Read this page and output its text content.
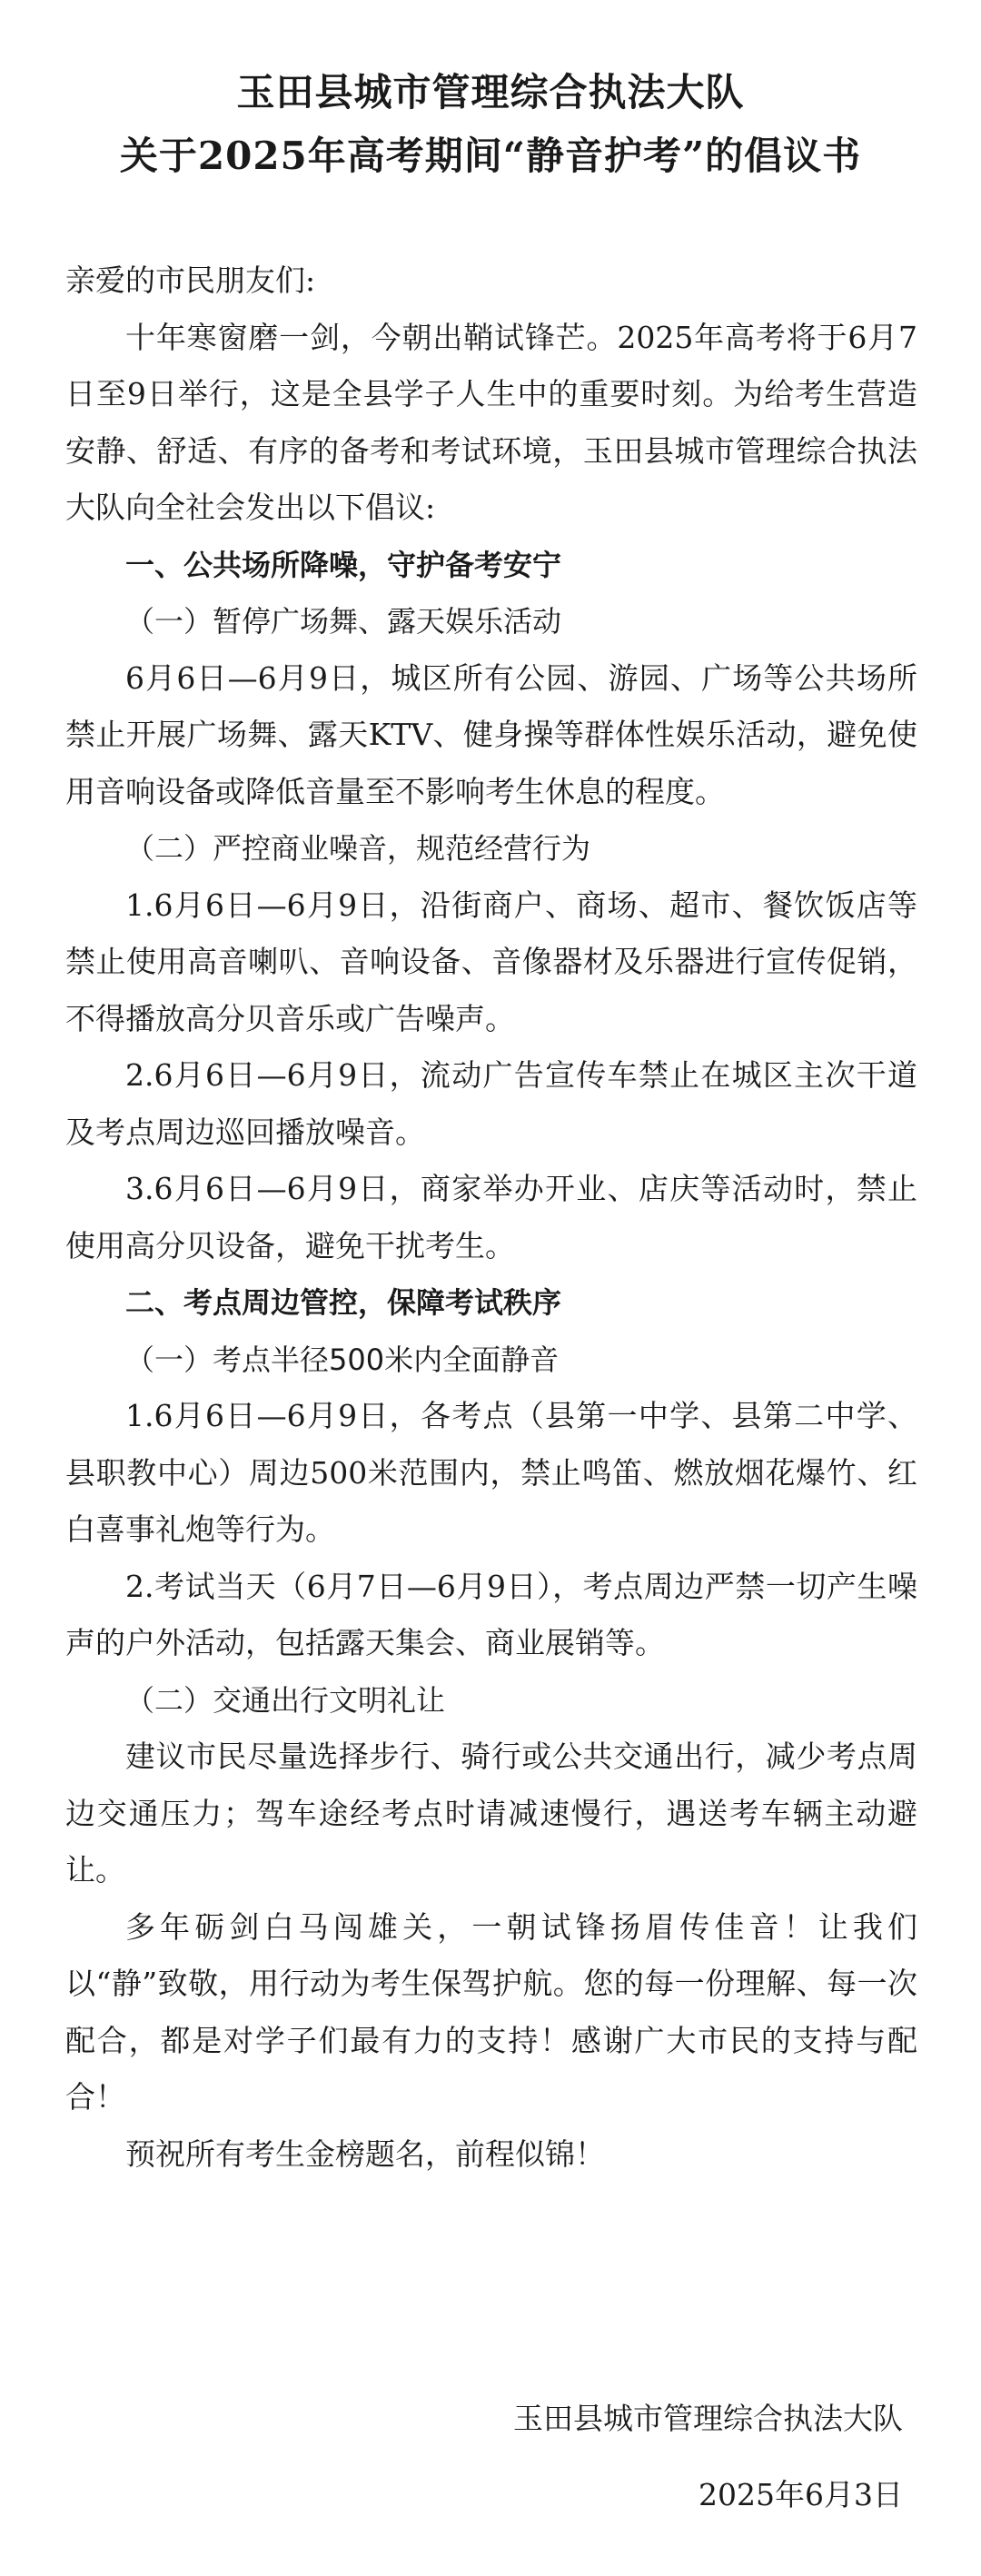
玉田县城市管理综合执法大队
关于2025年高考期间“静音护考”的倡议书

亲爱的市民朋友们:

十年寒窗磨一剑，今朝出鞘试锋芒。2025年高考将于6月7日至9日举行，这是全县学子人生中的重要时刻。为给考生营造安静、舒适、有序的备考和考试环境，玉田县城市管理综合执法大队向全社会发出以下倡议:

一、公共场所降噪，守护备考安宁

（一）暂停广场舞、露天娱乐活动

6月6日—6月9日，城区所有公园、游园、广场等公共场所禁止开展广场舞、露天KTV、健身操等群体性娱乐活动，避免使用音响设备或降低音量至不影响考生休息的程度。

（二）严控商业噪音，规范经营行为

1.6月6日—6月9日，沿街商户、商场、超市、餐饮饭店等禁止使用高音喇叭、音响设备、音像器材及乐器进行宣传促销，不得播放高分贝音乐或广告噪声。

2.6月6日—6月9日，流动广告宣传车禁止在城区主次干道及考点周边巡回播放噪音。

3.6月6日—6月9日，商家举办开业、店庆等活动时，禁止使用高分贝设备，避免干扰考生。

二、考点周边管控，保障考试秩序

（一）考点半径500米内全面静音

1.6月6日—6月9日，各考点（县第一中学、县第二中学、县职教中心）周边500米范围内，禁止鸣笛、燃放烟花爆竹、红白喜事礼炮等行为。

2.考试当天（6月7日—6月9日），考点周边严禁一切产生噪声的户外活动，包括露天集会、商业展销等。

（二）交通出行文明礼让

建议市民尽量选择步行、骑行或公共交通出行，减少考点周边交通压力；驾车途经考点时请减速慢行，遇送考车辆主动避让。

多年砺剑白马闯雄关，一朝试锋扬眉传佳音！让我们以“静”致敬，用行动为考生保驾护航。您的每一份理解、每一次配合，都是对学子们最有力的支持！感谢广大市民的支持与配合！

预祝所有考生金榜题名，前程似锦！

玉田县城市管理综合执法大队
2025年6月3日
